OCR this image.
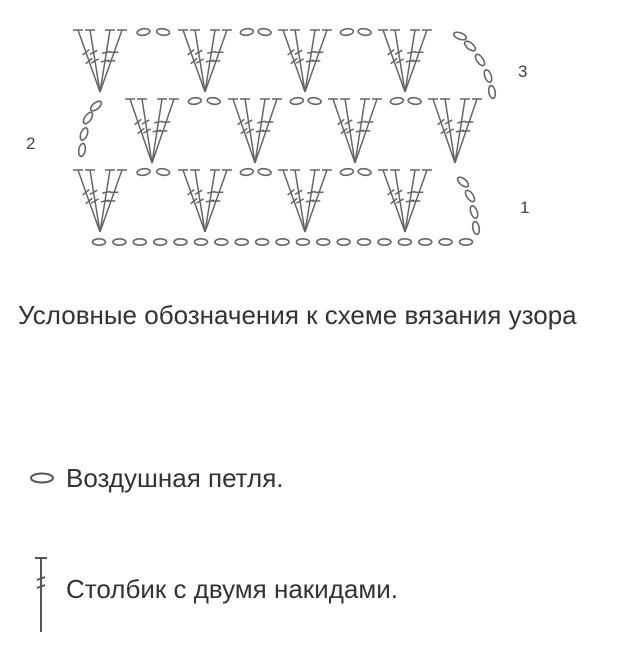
1
2
3
Условные обозначения к схеме вязания узора
Воздушная петля.
Столбик с двумя накидами.
